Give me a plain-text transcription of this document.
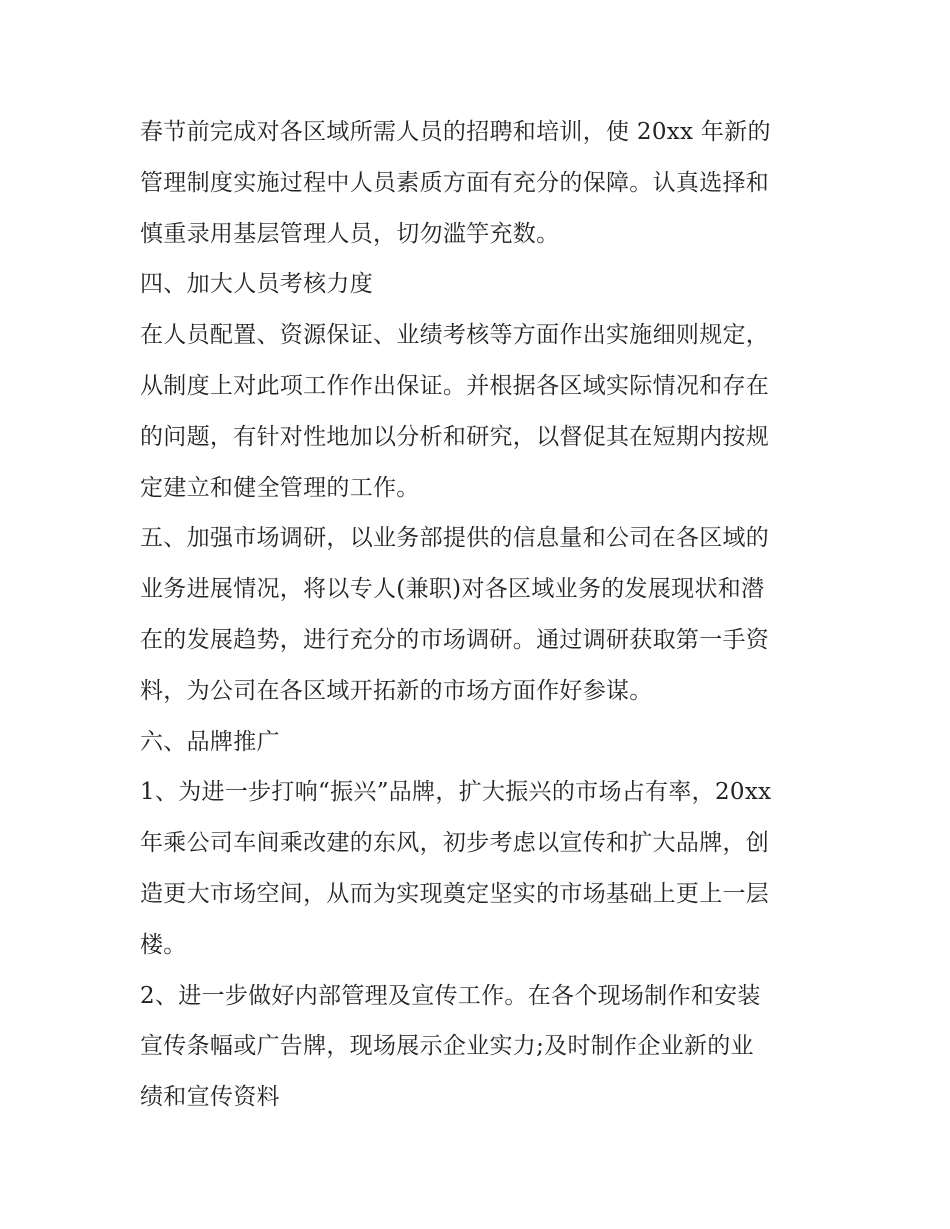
春节前完成对各区域所需人员的招聘和培训，使 20xx 年新的
管理制度实施过程中人员素质方面有充分的保障。认真选择和
慎重录用基层管理人员，切勿滥竽充数。
四、加大人员考核力度
在人员配置、资源保证、业绩考核等方面作出实施细则规定，
从制度上对此项工作作出保证。并根据各区域实际情况和存在
的问题，有针对性地加以分析和研究，以督促其在短期内按规
定建立和健全管理的工作。
五、加强市场调研，以业务部提供的信息量和公司在各区域的
业务进展情况，将以专人(兼职)对各区域业务的发展现状和潜
在的发展趋势，进行充分的市场调研。通过调研获取第一手资
料，为公司在各区域开拓新的市场方面作好参谋。
六、品牌推广
1、为进一步打响“振兴”品牌，扩大振兴的市场占有率，20xx
年乘公司车间乘改建的东风，初步考虑以宣传和扩大品牌，创
造更大市场空间，从而为实现奠定坚实的市场基础上更上一层
楼。
2、进一步做好内部管理及宣传工作。在各个现场制作和安装
宣传条幅或广告牌，现场展示企业实力;及时制作企业新的业
绩和宣传资料
